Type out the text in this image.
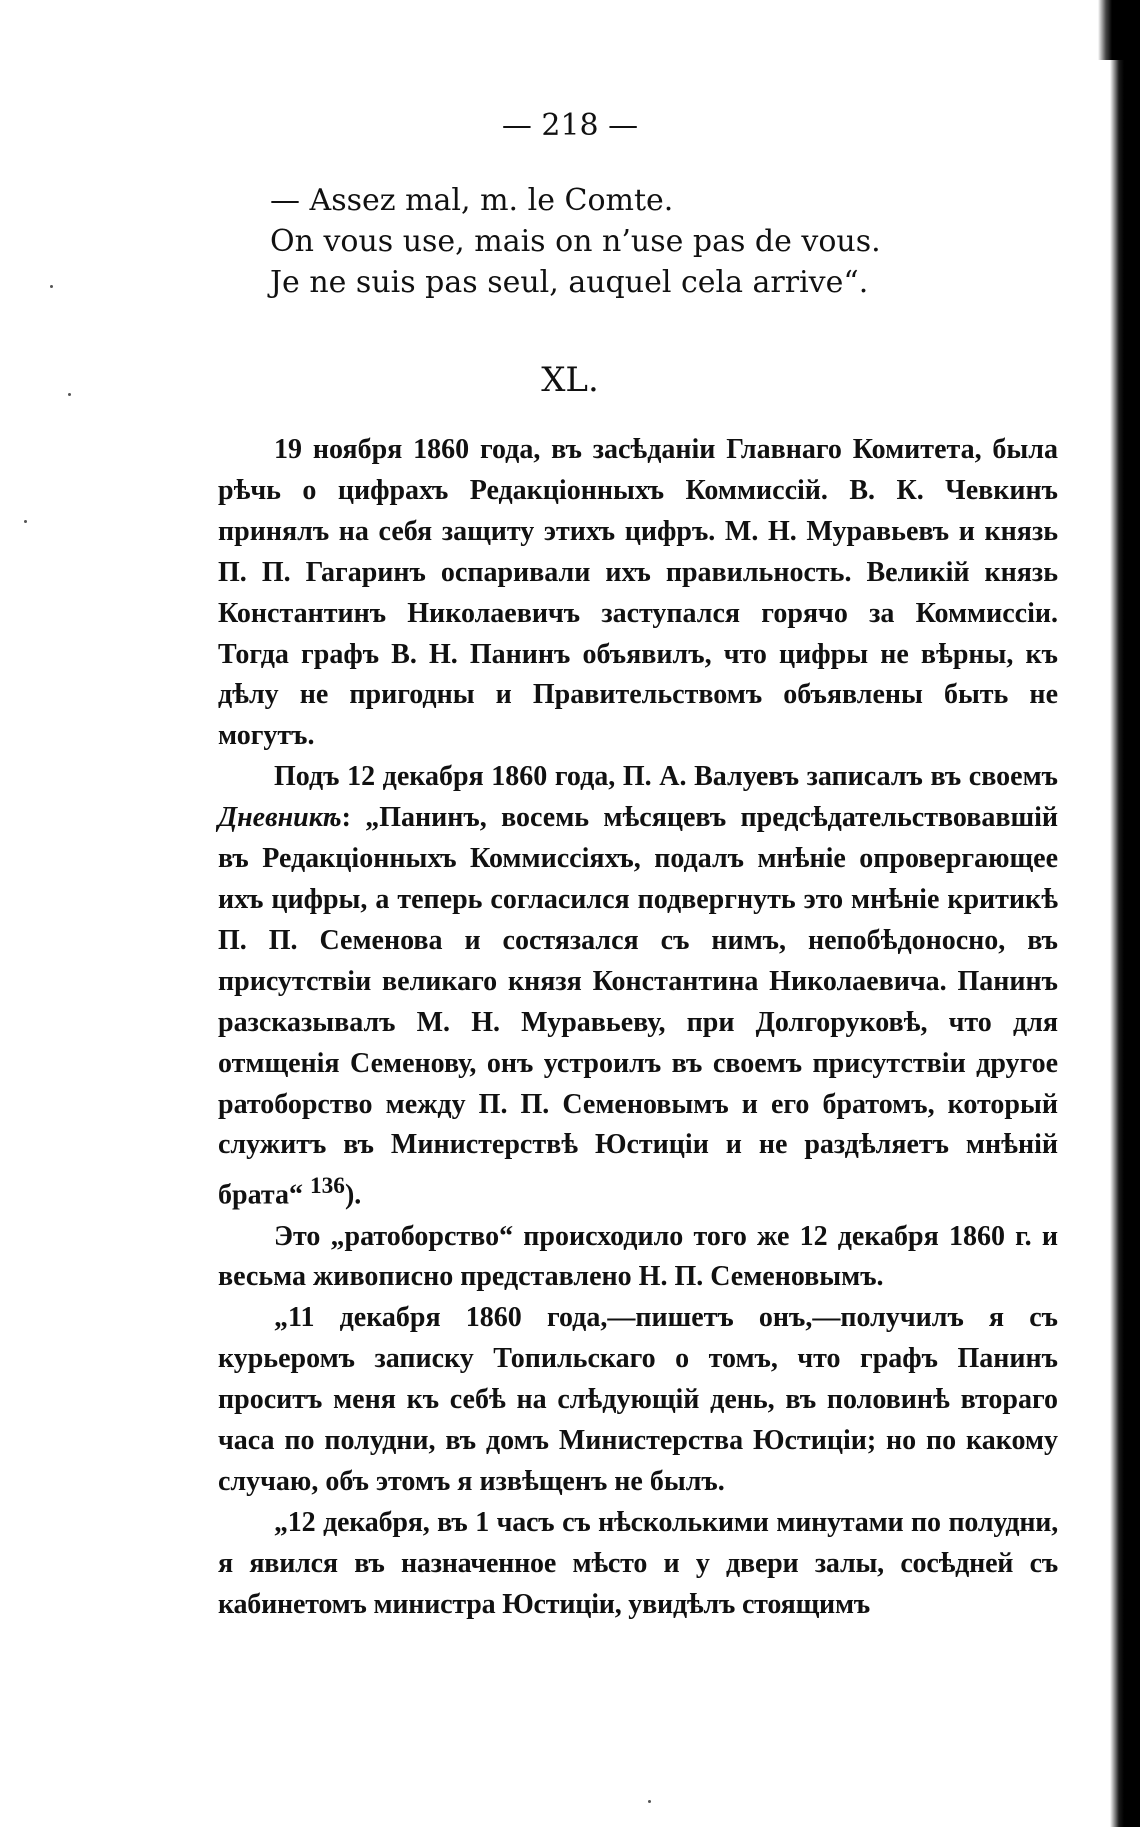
— 218 —
— Assez mal, m. le Comte.
On vous use, mais on n’use pas de vous.
Je ne suis pas seul, auquel cela arrive“.
XL.

19 ноября 1860 года, въ засѣданіи Главнаго Комитета, была рѣчь о цифрахъ Редакціонныхъ Коммиссій. В. К. Чевкинъ принялъ на себя защиту этихъ цифръ. М. Н. Муравьевъ и князь П. П. Гагаринъ оспаривали ихъ правильность. Великій князь Константинъ Николаевичъ заступался горячо за Коммиссіи. Тогда графъ В. Н. Панинъ объявилъ, что цифры не вѣрны, къ дѣлу не пригодны и Правительствомъ объявлены быть не могутъ.

Подъ 12 декабря 1860 года, П. А. Валуевъ записалъ въ своемъ Дневникѣ: „Панинъ, восемь мѣсяцевъ предсѣдательствовавшій въ Редакціонныхъ Коммиссіяхъ, подалъ мнѣніе опровергающее ихъ цифры, а теперь согласился подвергнуть это мнѣніе критикѣ П. П. Семенова и состязался съ нимъ, непобѣдоносно, въ присутствіи великаго князя Константина Николаевича. Панинъ разсказывалъ М. Н. Муравьеву, при Долгоруковѣ, что для отмщенія Семенову, онъ устроилъ въ своемъ присутствіи другое ратоборство между П. П. Семеновымъ и его братомъ, который служитъ въ Министерствѣ Юстиціи и не раздѣляетъ мнѣній брата“ $^{136}$).

Это „ратоборство“ происходило того же 12 декабря 1860 г. и весьма живописно представлено Н. П. Семеновымъ.

„11 декабря 1860 года,—пишетъ онъ,—получилъ я съ курьеромъ записку Топильскаго о томъ, что графъ Панинъ проситъ меня къ себѣ на слѣдующій день, въ половинѣ втораго часа по полудни, въ домъ Министерства Юстиціи; но по какому случаю, объ этомъ я извѣщенъ не былъ.

„12 декабря, въ 1 часъ съ нѣсколькими минутами по полудни, я явился въ назначенное мѣсто и у двери залы, сосѣдней съ кабинетомъ министра Юстиціи, увидѣлъ стоящимъ
